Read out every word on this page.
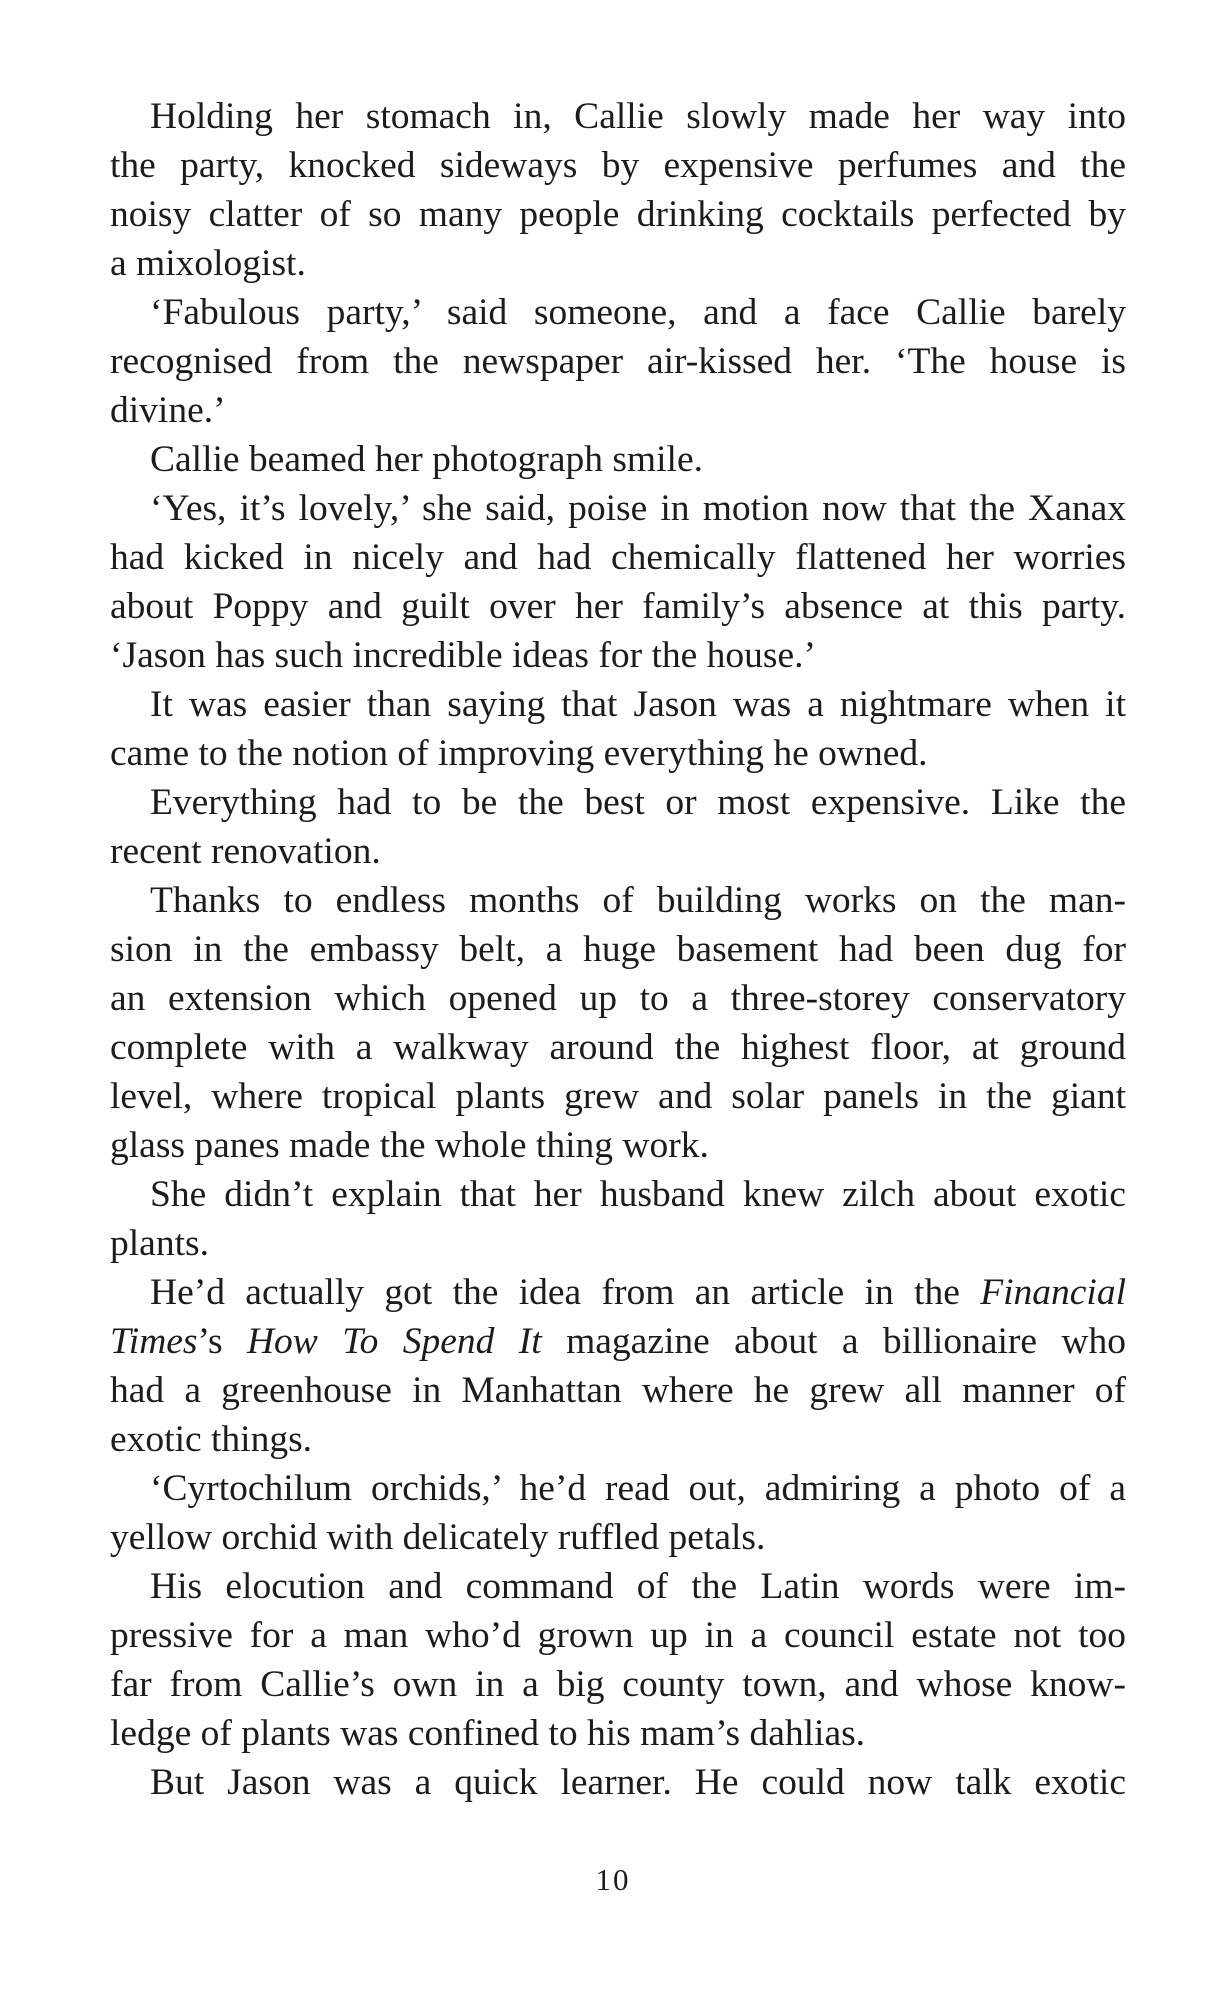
Holding her stomach in, Callie slowly made her way into
the party, knocked sideways by expensive perfumes and the
noisy clatter of so many people drinking cocktails perfected by
a mixologist.
‘Fabulous party,’ said someone, and a face Callie barely
recognised from the newspaper air-kissed her. ‘The house is
divine.’
Callie beamed her photograph smile.
‘Yes, it’s lovely,’ she said, poise in motion now that the Xanax
had kicked in nicely and had chemically flattened her worries
about Poppy and guilt over her family’s absence at this party.
‘Jason has such incredible ideas for the house.’
It was easier than saying that Jason was a nightmare when it
came to the notion of improving everything he owned.
Everything had to be the best or most expensive. Like the
recent renovation.
Thanks to endless months of building works on the man-
sion in the embassy belt, a huge basement had been dug for
an extension which opened up to a three-storey conservatory
complete with a walkway around the highest floor, at ground
level, where tropical plants grew and solar panels in the giant
glass panes made the whole thing work.
She didn’t explain that her husband knew zilch about exotic
plants.
He’d actually got the idea from an article in the Financial
Times’s How To Spend It magazine about a billionaire who
had a greenhouse in Manhattan where he grew all manner of
exotic things.
‘Cyrtochilum orchids,’ he’d read out, admiring a photo of a
yellow orchid with delicately ruffled petals.
His elocution and command of the Latin words were im-
pressive for a man who’d grown up in a council estate not too
far from Callie’s own in a big county town, and whose know-
ledge of plants was confined to his mam’s dahlias.
But Jason was a quick learner. He could now talk exotic
10
